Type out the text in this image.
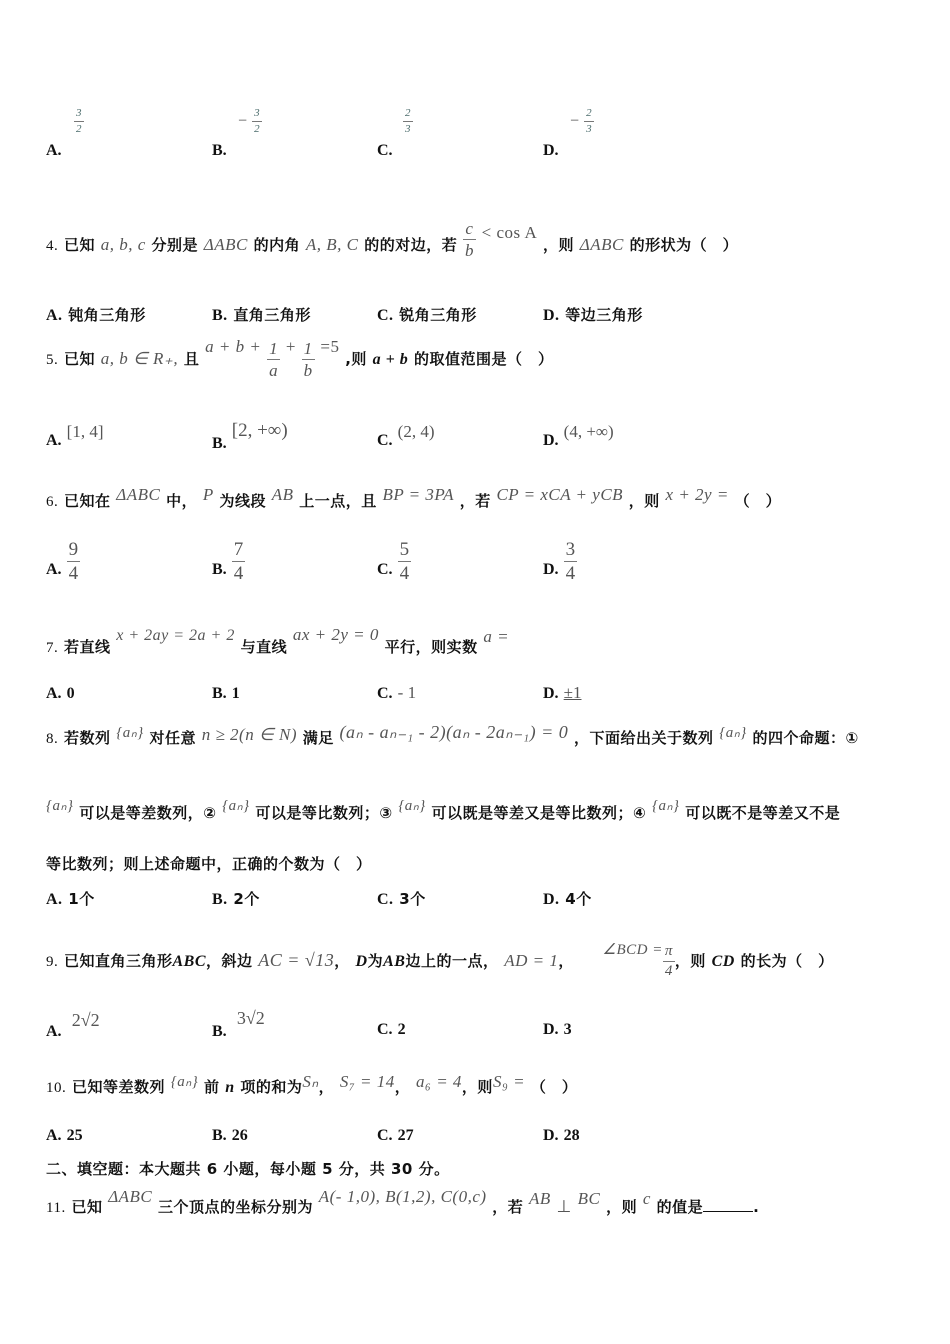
A.
$\frac{3}{2}$
B.
− $\frac{3}{2}$
C.
$\frac{2}{3}$
D.
− $\frac{2}{3}$
4. 已知 a, b, c 分别是 ΔABC 的内角 A, B, C 的的对边，若 $\frac{c}{b} < \cos A$ ，则 ΔABC 的形状为（　）
A. 钝角三角形	B. 直角三角形	C. 锐角三角形	D. 等边三角形
5. 已知 a, b ∈ R₊, 且 $a + b + \frac{1}{a} + \frac{1}{b} =5$ ,则 a + b 的取值范围是（　）
A. [1, 4]
B. [2, +∞)	C. (2, 4)	D. (4, +∞)
6. 已知在 ΔABC 中， P 为线段 AB 上一点，且 BP = 3PA ，若 CP = xCA + yCB ，则 x + 2y = （　）
A. $\frac{9}{4}$	B. $\frac{7}{4}$	C. $\frac{5}{4}$	D. $\frac{3}{4}$
7. 若直线 x + 2ay = 2a + 2 与直线 ax + 2y = 0 平行，则实数 a =
A. 0	B. 1	C. - 1	D. ±1
8. 若数列 {aₙ} 对任意 n ≥ 2(n ∈ N) 满足 (aₙ - aₙ₋₁ - 2)(aₙ - 2aₙ₋₁) = 0 ，下面给出关于数列 {aₙ} 的四个命题：①
{aₙ} 可以是等差数列，② {aₙ} 可以是等比数列；③ {aₙ} 可以既是等差又是等比数列；④ {aₙ} 可以既不是等差又不是
等比数列；则上述命题中，正确的个数为（　）
A. 1个	B. 2个	C. 3个	D. 4个
9. 已知直角三角形ABC，斜边 AC = √13， D为AB边上的一点， AD = 1，     ∠BCD = $\frac{\pi}{4}$ ，则 CD 的长为（　）
A.  2√2
B.  3√2
C. 2	D. 3
10. 已知等差数列 {aₙ} 前 n 项的和为Sₙ， S₇ = 14， a₆ = 4，则S₉ = （　）
A. 25	B. 26	C. 27	D. 28
二、填空题：本大题共 6 小题，每小题 5 分，共 30 分。
11. 已知 ΔABC 三个顶点的坐标分别为 A(- 1,0), B(1,2), C(0,c) ，若 AB ⊥ BC ，则 c 的值是	.
